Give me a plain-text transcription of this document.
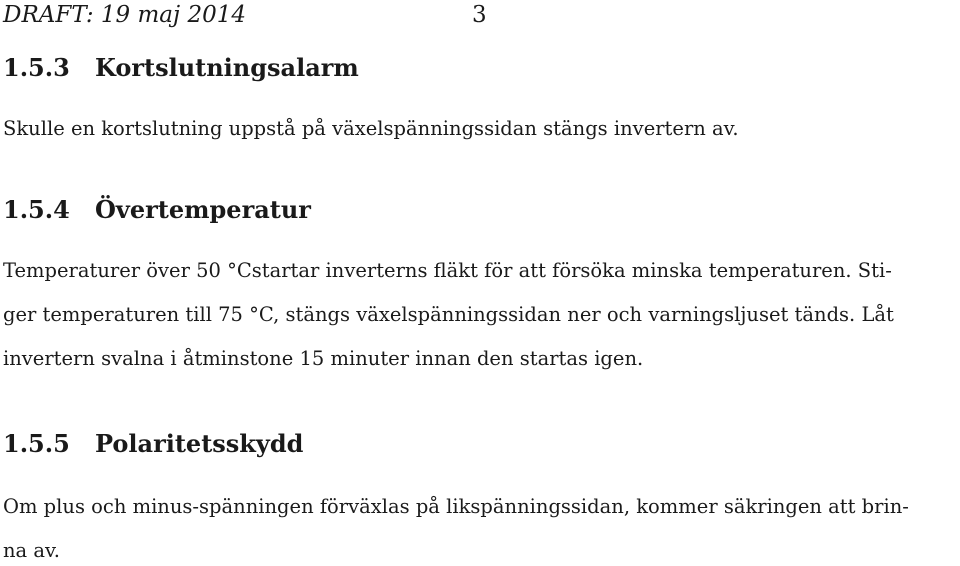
DRAFT: 19 maj 2014	3
1.5.3 Kortslutningsalarm
Skulle en kortslutning uppstå på växelspänningssidan stängs invertern av.
1.5.4 Övertemperatur
Temperaturer över 50 °Cstartar inverterns fläkt för att försöka minska temperaturen. Sti-
ger temperaturen till 75 °C, stängs växelspänningssidan ner och varningsljuset tänds. Låt
invertern svalna i åtminstone 15 minuter innan den startas igen.
1.5.5 Polaritetsskydd
Om plus och minus-spänningen förväxlas på likspänningssidan, kommer säkringen att brin-
na av.
